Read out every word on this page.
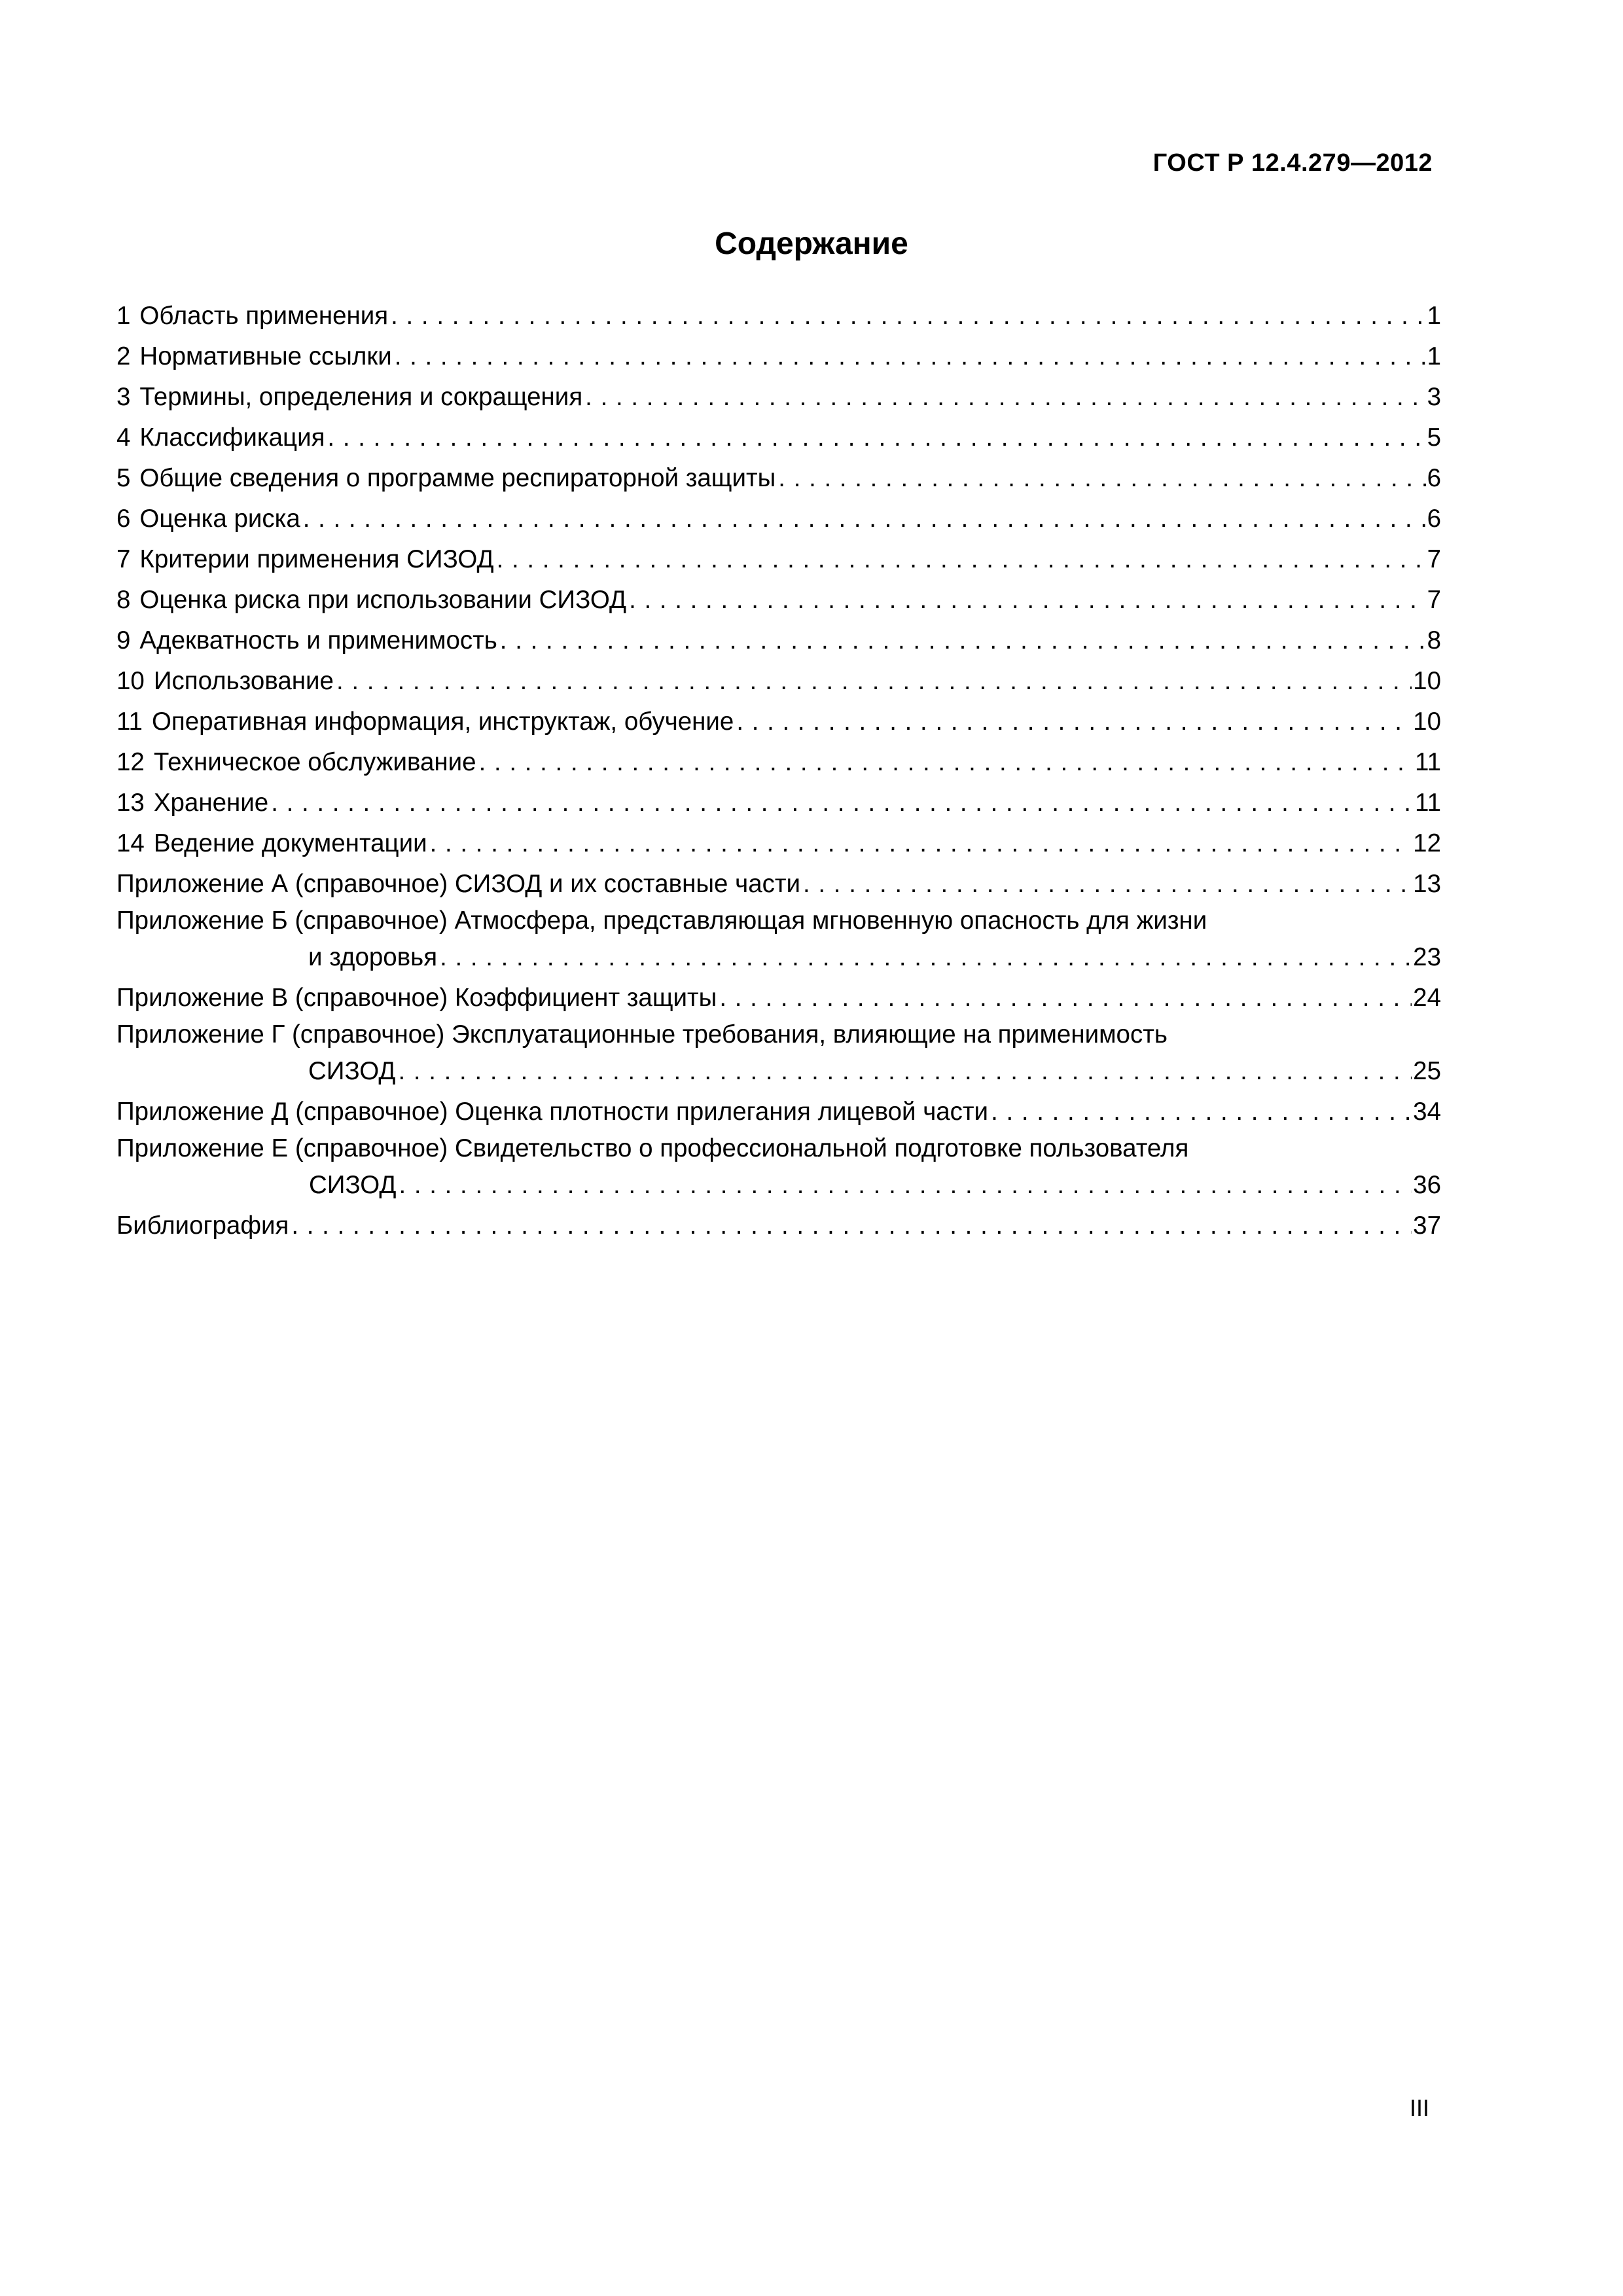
ГОСТ Р 12.4.279—2012
Содержание
1 Область применения . . .	1
2 Нормативные ссылки . . .	1
3 Термины, определения и сокращения . . .	3
4 Классификация . . .	5
5 Общие сведения о программе респираторной защиты . . .	6
6 Оценка риска . . .	6
7 Критерии применения СИЗОД . . .	7
8 Оценка риска при использовании СИЗОД . . .	7
9 Адекватность и применимость . . .	8
10 Использование . . .	10
11 Оперативная информация, инструктаж, обучение . . .	10
12 Техническое обслуживание . . .	11
13 Хранение . . .	11
14 Ведение документации . . .	12
Приложение А (справочное) СИЗОД и их составные части . . .	13
Приложение Б (справочное) Атмосфера, представляющая мгновенную опасность для жизни
и здоровья . . .	23
Приложение В (справочное) Коэффициент защиты . . .	24
Приложение Г (справочное) Эксплуатационные требования, влияющие на применимость
СИЗОД . . .	25
Приложение Д (справочное) Оценка плотности прилегания лицевой части . . .	34
Приложение Е (справочное) Свидетельство о профессиональной подготовке пользователя
СИЗОД . . .	36
Библиография . . .	37
III
